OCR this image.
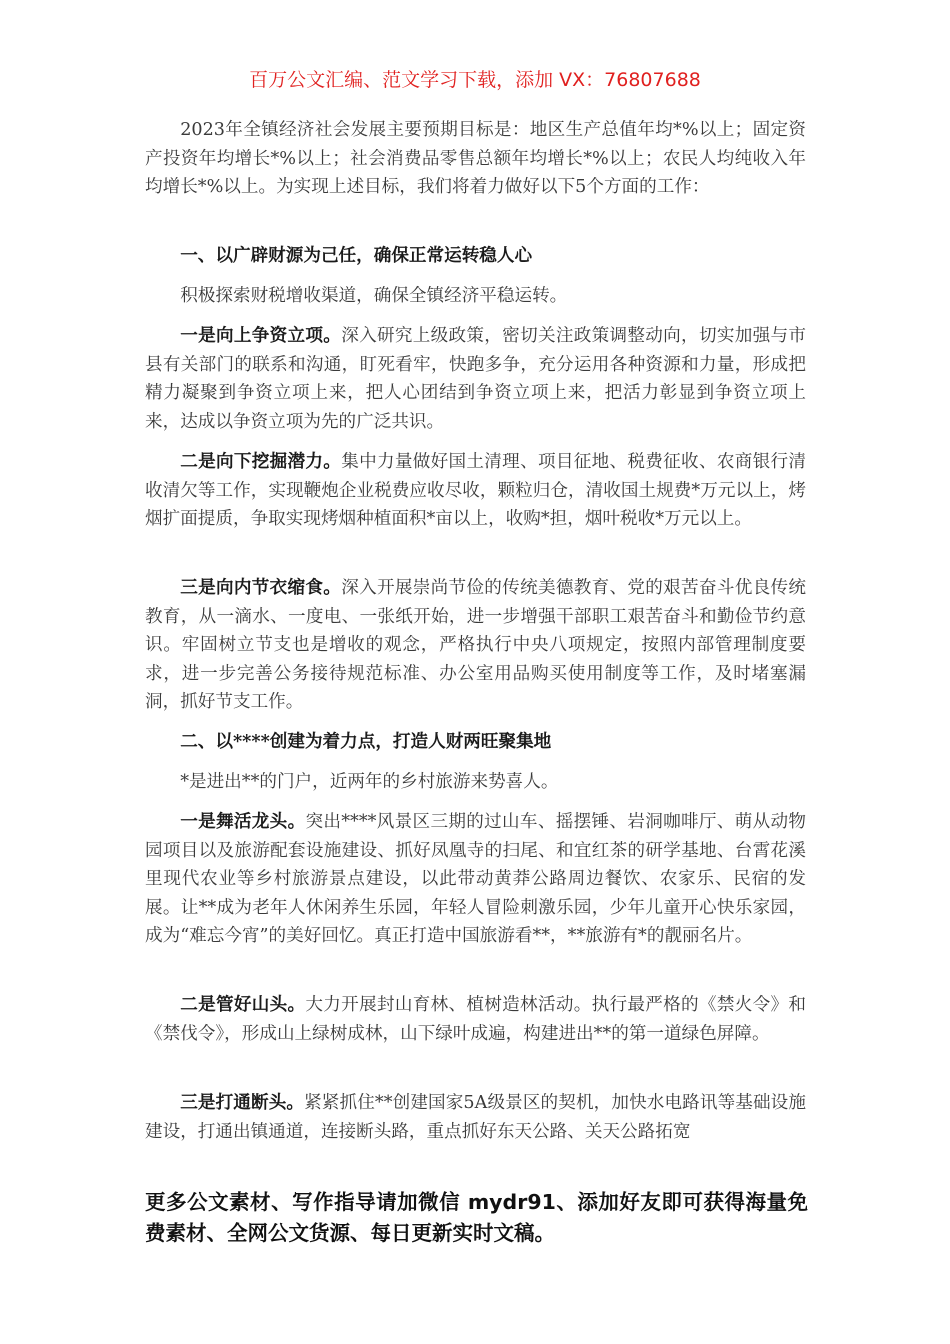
百万公文汇编、范文学习下载，添加 VX：76807688

2023年全镇经济社会发展主要预期目标是：地区生产总值年均*%以上；固定资产投资年均增长*%以上；社会消费品零售总额年均增长*%以上；农民人均纯收入年均增长*%以上。为实现上述目标，我们将着力做好以下5个方面的工作：

一、以广辟财源为己任，确保正常运转稳人心

积极探索财税增收渠道，确保全镇经济平稳运转。

一是向上争资立项。深入研究上级政策，密切关注政策调整动向，切实加强与市县有关部门的联系和沟通，盯死看牢，快跑多争，充分运用各种资源和力量，形成把精力凝聚到争资立项上来，把人心团结到争资立项上来，把活力彰显到争资立项上来，达成以争资立项为先的广泛共识。

二是向下挖掘潜力。集中力量做好国土清理、项目征地、税费征收、农商银行清收清欠等工作，实现鞭炮企业税费应收尽收，颗粒归仓，清收国土规费*万元以上，烤烟扩面提质，争取实现烤烟种植面积*亩以上，收购*担，烟叶税收*万元以上。

三是向内节衣缩食。深入开展崇尚节俭的传统美德教育、党的艰苦奋斗优良传统教育，从一滴水、一度电、一张纸开始，进一步增强干部职工艰苦奋斗和勤俭节约意识。牢固树立节支也是增收的观念，严格执行中央八项规定，按照内部管理制度要求，进一步完善公务接待规范标准、办公室用品购买使用制度等工作，及时堵塞漏洞，抓好节支工作。

二、以****创建为着力点，打造人财两旺聚集地

*是进出**的门户，近两年的乡村旅游来势喜人。

一是舞活龙头。突出****风景区三期的过山车、摇摆锤、岩洞咖啡厅、萌从动物园项目以及旅游配套设施建设、抓好凤凰寺的扫尾、和宜红茶的研学基地、台霄花溪里现代农业等乡村旅游景点建设，以此带动黄莽公路周边餐饮、农家乐、民宿的发展。让**成为老年人休闲养生乐园，年轻人冒险刺激乐园，少年儿童开心快乐家园，成为“难忘今宵”的美好回忆。真正打造中国旅游看**，**旅游有*的靓丽名片。

二是管好山头。大力开展封山育林、植树造林活动。执行最严格的《禁火令》和《禁伐令》，形成山上绿树成林，山下绿叶成遍，构建进出**的第一道绿色屏障。

三是打通断头。紧紧抓住**创建国家5A级景区的契机，加快水电路讯等基础设施建设，打通出镇通道，连接断头路，重点抓好东天公路、关天公路拓宽

更多公文素材、写作指导请加微信 mydr91、添加好友即可获得海量免费素材、全网公文货源、每日更新实时文稿。
